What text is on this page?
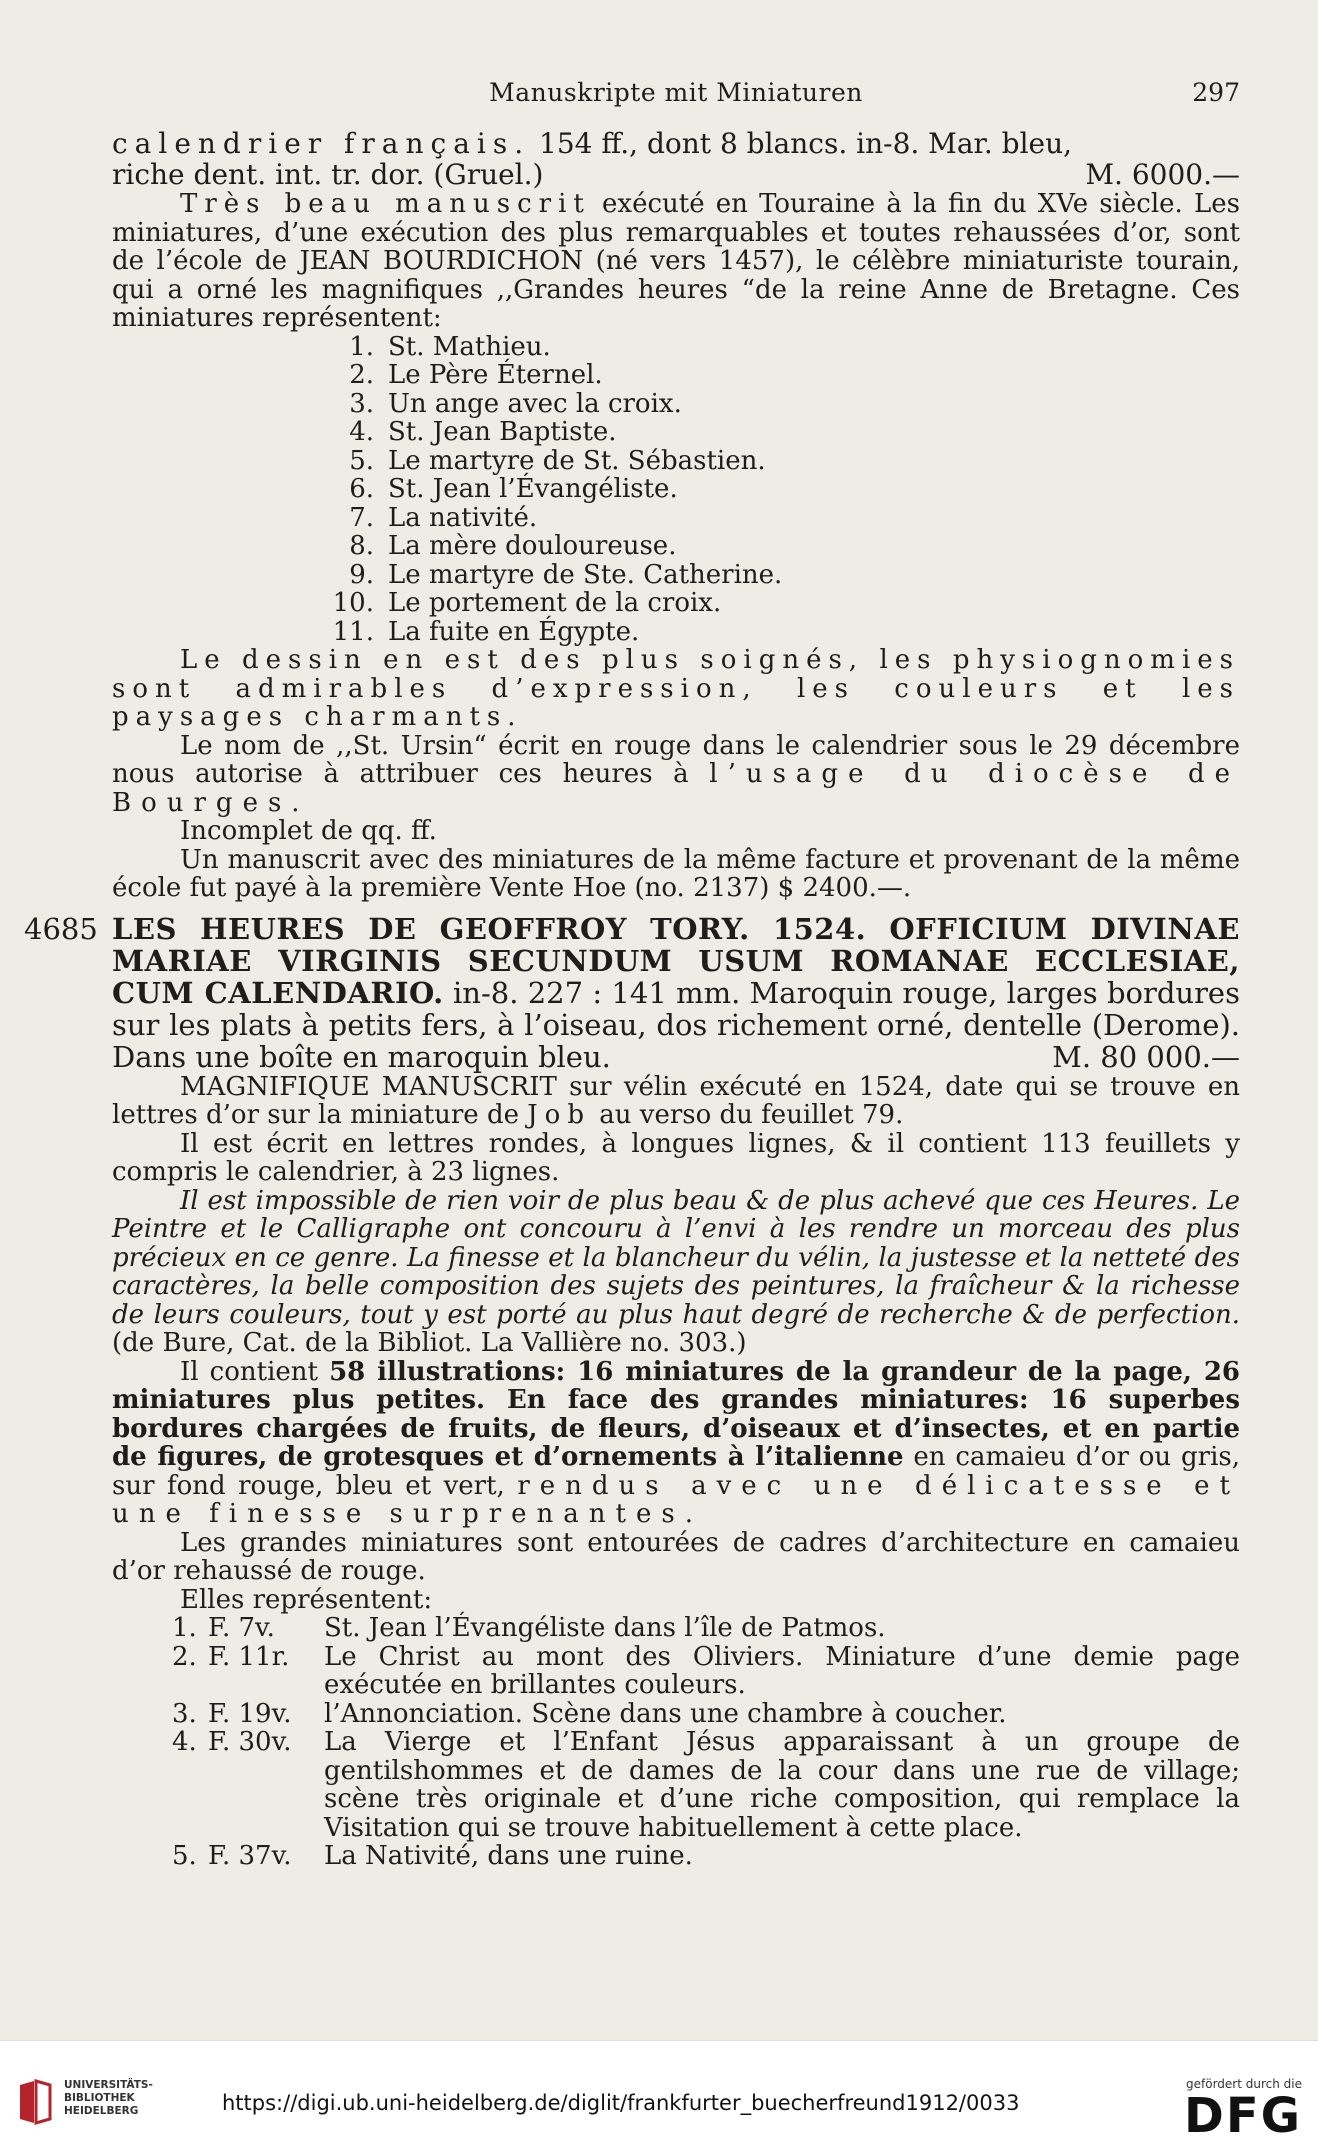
Manuskripte mit Miniaturen	297

calendrier français. 154 ff., dont 8 blancs. in-8. Mar. bleu,
riche dent. int. tr. dor. (Gruel.)	M. 6000.—

Très beau manuscrit exécuté en Touraine à la fin du XVe siècle. Les miniatures, d’une exécution des plus remarquables et toutes rehaussées d’or, sont de l’école de JEAN BOURDICHON (né vers 1457), le célèbre miniaturiste tourain, qui a orné les magnifiques ,,Grandes heures “de la reine Anne de Bretagne. Ces miniatures représentent:

1. St. Mathieu.
2. Le Père Éternel.
3. Un ange avec la croix.
4. St. Jean Baptiste.
5. Le martyre de St. Sébastien.
6. St. Jean l’Évangéliste.
7. La nativité.
8. La mère douloureuse.
9. Le martyre de Ste. Catherine.
10. Le portement de la croix.
11. La fuite en Égypte.

Le dessin en est des plus soignés, les physiognomies sont admirables d’expression, les couleurs et les paysages charmants.

Le nom de ,,St. Ursin“ écrit en rouge dans le calendrier sous le 29 décembre nous autorise à attribuer ces heures à l’usage du diocèse de Bourges.

Incomplet de qq. ff.

Un manuscrit avec des miniatures de la même facture et provenant de la même école fut payé à la première Vente Hoe (no. 2137) $ 2400.—.

4685 LES HEURES DE GEOFFROY TORY. 1524. OFFICIUM DIVINAE MARIAE VIRGINIS SECUNDUM USUM ROMANAE ECCLESIAE, CUM CALENDARIO. in-8. 227 : 141 mm. Maroquin rouge, larges bordures sur les plats à petits fers, à l’oiseau, dos richement orné, dentelle (Derome). Dans une boîte en maroquin bleu.	M. 80 000.—

MAGNIFIQUE MANUSCRIT sur vélin exécuté en 1524, date qui se trouve en lettres d’or sur la miniature de Job au verso du feuillet 79.

Il est écrit en lettres rondes, à longues lignes, & il contient 113 feuillets y compris le calendrier, à 23 lignes.

Il est impossible de rien voir de plus beau & de plus achevé que ces Heures. Le Peintre et le Calligraphe ont concouru à l’envi à les rendre un morceau des plus précieux en ce genre. La finesse et la blancheur du vélin, la justesse et la netteté des caractères, la belle composition des sujets des peintures, la fraîcheur & la richesse de leurs couleurs, tout y est porté au plus haut degré de recherche & de perfection. (de Bure, Cat. de la Bibliot. La Vallière no. 303.)

Il contient 58 illustrations: 16 miniatures de la grandeur de la page, 26 miniatures plus petites. En face des grandes miniatures: 16 superbes bordures chargées de fruits, de fleurs, d’oiseaux et d’insectes, et en partie de figures, de grotesques et d’ornements à l’italienne en camaieu d’or ou gris, sur fond rouge, bleu et vert, rendus avec une délicatesse et une finesse surprenantes.

Les grandes miniatures sont entourées de cadres d’architecture en camaieu d’or rehaussé de rouge.

Elles représentent:

1. F. 7v.	St. Jean l’Évangéliste dans l’île de Patmos.
2. F. 11r.	Le Christ au mont des Oliviers. Miniature d’une demie page exécutée en brillantes couleurs.
3. F. 19v.	l’Annonciation. Scène dans une chambre à coucher.
4. F. 30v.	La Vierge et l’Enfant Jésus apparaissant à un groupe de gentilshommes et de dames de la cour dans une rue de village; scène très originale et d’une riche composition, qui remplace la Visitation qui se trouve habituellement à cette place.
5. F. 37v.	La Nativité, dans une ruine.
UNIVERSITÄTS-
BIBLIOTHEK
HEIDELBERG	https://digi.ub.uni-heidelberg.de/diglit/frankfurter_buecherfreund1912/0033
gefördert durch die
DFG
